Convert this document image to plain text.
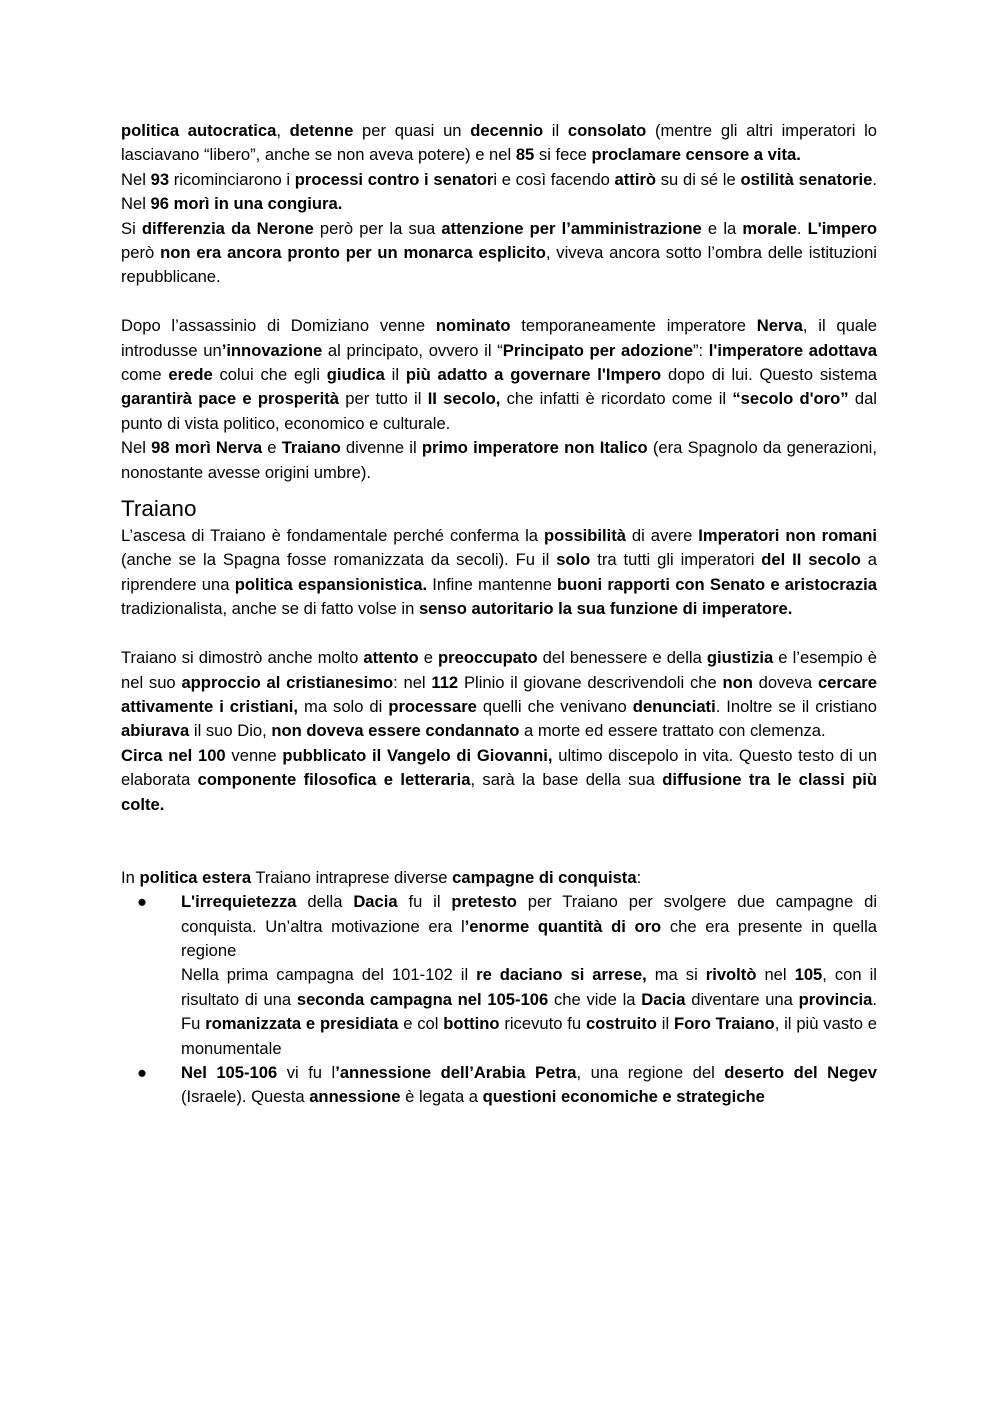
politica autocratica, detenne per quasi un decennio il consolato (mentre gli altri imperatori lo lasciavano “libero”, anche se non aveva potere) e nel 85 si fece proclamare censore a vita.

Nel 93 ricominciarono i processi contro i senatori e così facendo attirò su di sé le ostilità senatorie. Nel 96 morì in una congiura.

Si differenzia da Nerone però per la sua attenzione per l’amministrazione e la morale. L'impero però non era ancora pronto per un monarca esplicito, viveva ancora sotto l’ombra delle istituzioni repubblicane.

Dopo l’assassinio di Domiziano venne nominato temporaneamente imperatore Nerva, il quale introdusse un’innovazione al principato, ovvero il “Principato per adozione”: l'imperatore adottava come erede colui che egli giudica il più adatto a governare l'Impero dopo di lui. Questo sistema garantirà pace e prosperità per tutto il II secolo, che infatti è ricordato come il “secolo d'oro” dal punto di vista politico, economico e culturale.

Nel 98 morì Nerva e Traiano divenne il primo imperatore non Italico (era Spagnolo da generazioni, nonostante avesse origini umbre).

Traiano

L’ascesa di Traiano è fondamentale perché conferma la possibilità di avere Imperatori non romani (anche se la Spagna fosse romanizzata da secoli). Fu il solo tra tutti gli imperatori del II secolo a riprendere una politica espansionistica. Infine mantenne buoni rapporti con Senato e aristocrazia tradizionalista, anche se di fatto volse in senso autoritario la sua funzione di imperatore.

Traiano si dimostrò anche molto attento e preoccupato del benessere e della giustizia e l’esempio è nel suo approccio al cristianesimo: nel 112 Plinio il giovane descrivendoli che non doveva cercare attivamente i cristiani, ma solo di processare quelli che venivano denunciati. Inoltre se il cristiano abiurava il suo Dio, non doveva essere condannato a morte ed essere trattato con clemenza.

Circa nel 100 venne pubblicato il Vangelo di Giovanni, ultimo discepolo in vita. Questo testo di un elaborata componente filosofica e letteraria, sarà la base della sua diffusione tra le classi più colte.

In politica estera Traiano intraprese diverse campagne di conquista:

● L'irrequietezza della Dacia fu il pretesto per Traiano per svolgere due campagne di conquista. Un’altra motivazione era l’enorme quantità di oro che era presente in quella regione
Nella prima campagna del 101-102 il re daciano si arrese, ma si rivoltò nel 105, con il risultato di una seconda campagna nel 105-106 che vide la Dacia diventare una provincia. Fu romanizzata e presidiata e col bottino ricevuto fu costruito il Foro Traiano, il più vasto e monumentale
● Nel 105-106 vi fu l’annessione dell’Arabia Petra, una regione del deserto del Negev (Israele). Questa annessione è legata a questioni economiche e strategiche
